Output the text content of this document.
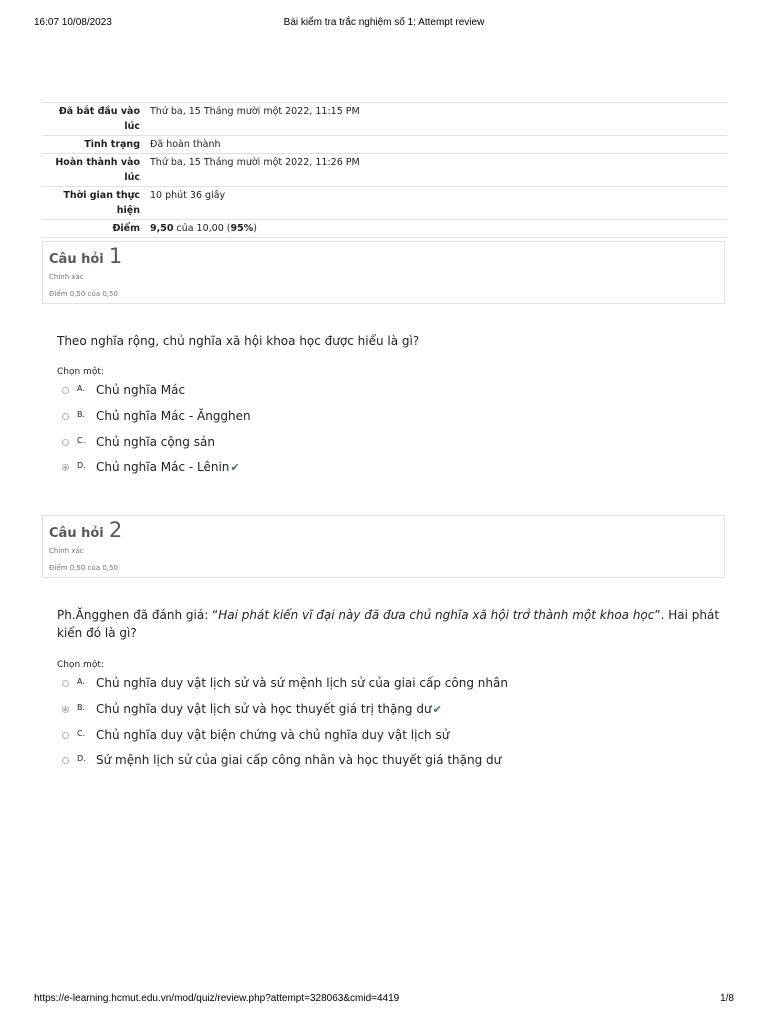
16:07 10/08/2023	Bài kiểm tra trắc nghiệm số 1: Attempt review
Đã bắt đầu vào lúc	Thứ ba, 15 Tháng mười một 2022, 11:15 PM
Tình trạng	Đã hoàn thành
Hoàn thành vào lúc	Thứ ba, 15 Tháng mười một 2022, 11:26 PM
Thời gian thực hiện	10 phút 36 giây
Điểm	9,50 của 10,00 (95%)
Câu hỏi 1
Chính xác
Điểm 0,50 của 0,50
Theo nghĩa rộng, chủ nghĩa xã hội khoa học được hiểu là gì?
Chọn một:
A. Chủ nghĩa Mác
B. Chủ nghĩa Mác - Ăngghen
C. Chủ nghĩa cộng sản
D. Chủ nghĩa Mác - Lênin✔
Câu hỏi 2
Chính xác
Điểm 0,50 của 0,50
Ph.Ăngghen đã đánh giá: “Hai phát kiến vĩ đại này đã đưa chủ nghĩa xã hội trở thành một khoa học”. Hai phát kiến đó là gì?
Chọn một:
A. Chủ nghĩa duy vật lịch sử và sứ mệnh lịch sử của giai cấp công nhân
B. Chủ nghĩa duy vật lịch sử và học thuyết giá trị thặng dư✔
C. Chủ nghĩa duy vật biện chứng và chủ nghĩa duy vật lịch sử
D. Sứ mệnh lịch sử của giai cấp công nhân và học thuyết giá thặng dư
https://e-learning.hcmut.edu.vn/mod/quiz/review.php?attempt=328063&cmid=4419	1/8
